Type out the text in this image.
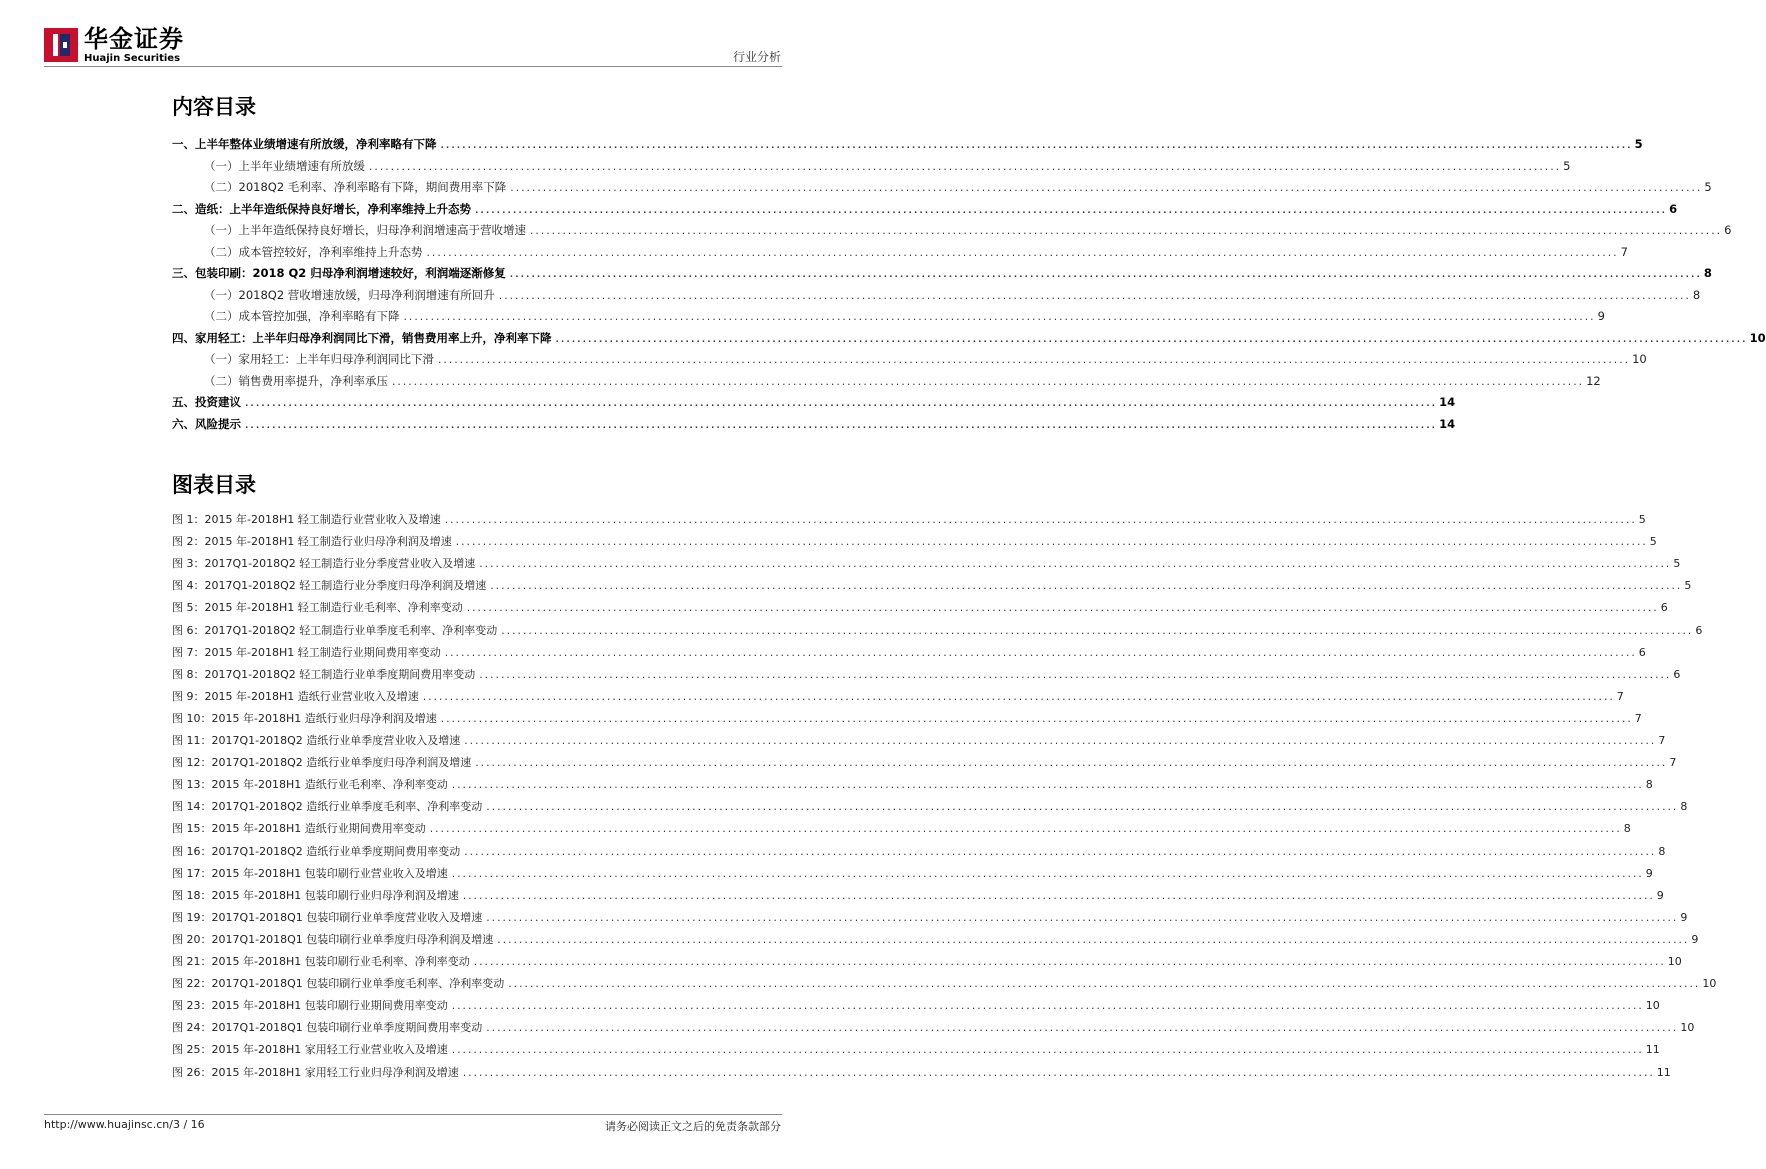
华金证券
Huajin Securities	行业分析
内容目录
一、上半年整体业绩增速有所放缓，净利率略有下降 ............................................................................................................................................................................................................................ 5
（一）上半年业绩增速有所放缓 ............................................................................................................................................................................................................................ 5
（二）2018Q2 毛利率、净利率略有下降，期间费用率下降 ............................................................................................................................................................................................................................ 5
二、造纸：上半年造纸保持良好增长，净利率维持上升态势 ............................................................................................................................................................................................................................ 6
（一）上半年造纸保持良好增长，归母净利润增速高于营收增速 ............................................................................................................................................................................................................................ 6
（二）成本管控较好，净利率维持上升态势 ............................................................................................................................................................................................................................ 7
三、包装印刷：2018 Q2 归母净利润增速较好，利润端逐渐修复 ............................................................................................................................................................................................................................ 8
（一）2018Q2 营收增速放缓，归母净利润增速有所回升 ............................................................................................................................................................................................................................ 8
（二）成本管控加强，净利率略有下降 ............................................................................................................................................................................................................................ 9
四、家用轻工：上半年归母净利润同比下滑，销售费用率上升，净利率下降 ............................................................................................................................................................................................................................ 10
（一）家用轻工：上半年归母净利润同比下滑 ............................................................................................................................................................................................................................ 10
（二）销售费用率提升，净利率承压 ............................................................................................................................................................................................................................ 12
五、投资建议 ............................................................................................................................................................................................................................ 14
六、风险提示 ............................................................................................................................................................................................................................ 14
图表目录
图 1：2015 年-2018H1 轻工制造行业营业收入及增速 ............................................................................................................................................................................................................................ 5
图 2：2015 年-2018H1 轻工制造行业归母净利润及增速 ............................................................................................................................................................................................................................ 5
图 3：2017Q1-2018Q2 轻工制造行业分季度营业收入及增速 ............................................................................................................................................................................................................................ 5
图 4：2017Q1-2018Q2 轻工制造行业分季度归母净利润及增速 ............................................................................................................................................................................................................................ 5
图 5：2015 年-2018H1 轻工制造行业毛利率、净利率变动 ............................................................................................................................................................................................................................ 6
图 6：2017Q1-2018Q2 轻工制造行业单季度毛利率、净利率变动 ............................................................................................................................................................................................................................ 6
图 7：2015 年-2018H1 轻工制造行业期间费用率变动 ............................................................................................................................................................................................................................ 6
图 8：2017Q1-2018Q2 轻工制造行业单季度期间费用率变动 ............................................................................................................................................................................................................................ 6
图 9：2015 年-2018H1 造纸行业营业收入及增速 ............................................................................................................................................................................................................................ 7
图 10：2015 年-2018H1 造纸行业归母净利润及增速 ............................................................................................................................................................................................................................ 7
图 11：2017Q1-2018Q2 造纸行业单季度营业收入及增速 ............................................................................................................................................................................................................................ 7
图 12：2017Q1-2018Q2 造纸行业单季度归母净利润及增速 ............................................................................................................................................................................................................................ 7
图 13：2015 年-2018H1 造纸行业毛利率、净利率变动 ............................................................................................................................................................................................................................ 8
图 14：2017Q1-2018Q2 造纸行业单季度毛利率、净利率变动 ............................................................................................................................................................................................................................ 8
图 15：2015 年-2018H1 造纸行业期间费用率变动 ............................................................................................................................................................................................................................ 8
图 16：2017Q1-2018Q2 造纸行业单季度期间费用率变动 ............................................................................................................................................................................................................................ 8
图 17：2015 年-2018H1 包装印刷行业营业收入及增速 ............................................................................................................................................................................................................................ 9
图 18：2015 年-2018H1 包装印刷行业归母净利润及增速 ............................................................................................................................................................................................................................ 9
图 19：2017Q1-2018Q1 包装印刷行业单季度营业收入及增速 ............................................................................................................................................................................................................................ 9
图 20：2017Q1-2018Q1 包装印刷行业单季度归母净利润及增速 ............................................................................................................................................................................................................................ 9
图 21：2015 年-2018H1 包装印刷行业毛利率、净利率变动 ............................................................................................................................................................................................................................ 10
图 22：2017Q1-2018Q1 包装印刷行业单季度毛利率、净利率变动 ............................................................................................................................................................................................................................ 10
图 23：2015 年-2018H1 包装印刷行业期间费用率变动 ............................................................................................................................................................................................................................ 10
图 24：2017Q1-2018Q1 包装印刷行业单季度期间费用率变动 ............................................................................................................................................................................................................................ 10
图 25：2015 年-2018H1 家用轻工行业营业收入及增速 ............................................................................................................................................................................................................................ 11
图 26：2015 年-2018H1 家用轻工行业归母净利润及增速 ............................................................................................................................................................................................................................ 11
http://www.huajinsc.cn/3 / 16	请务必阅读正文之后的免责条款部分
